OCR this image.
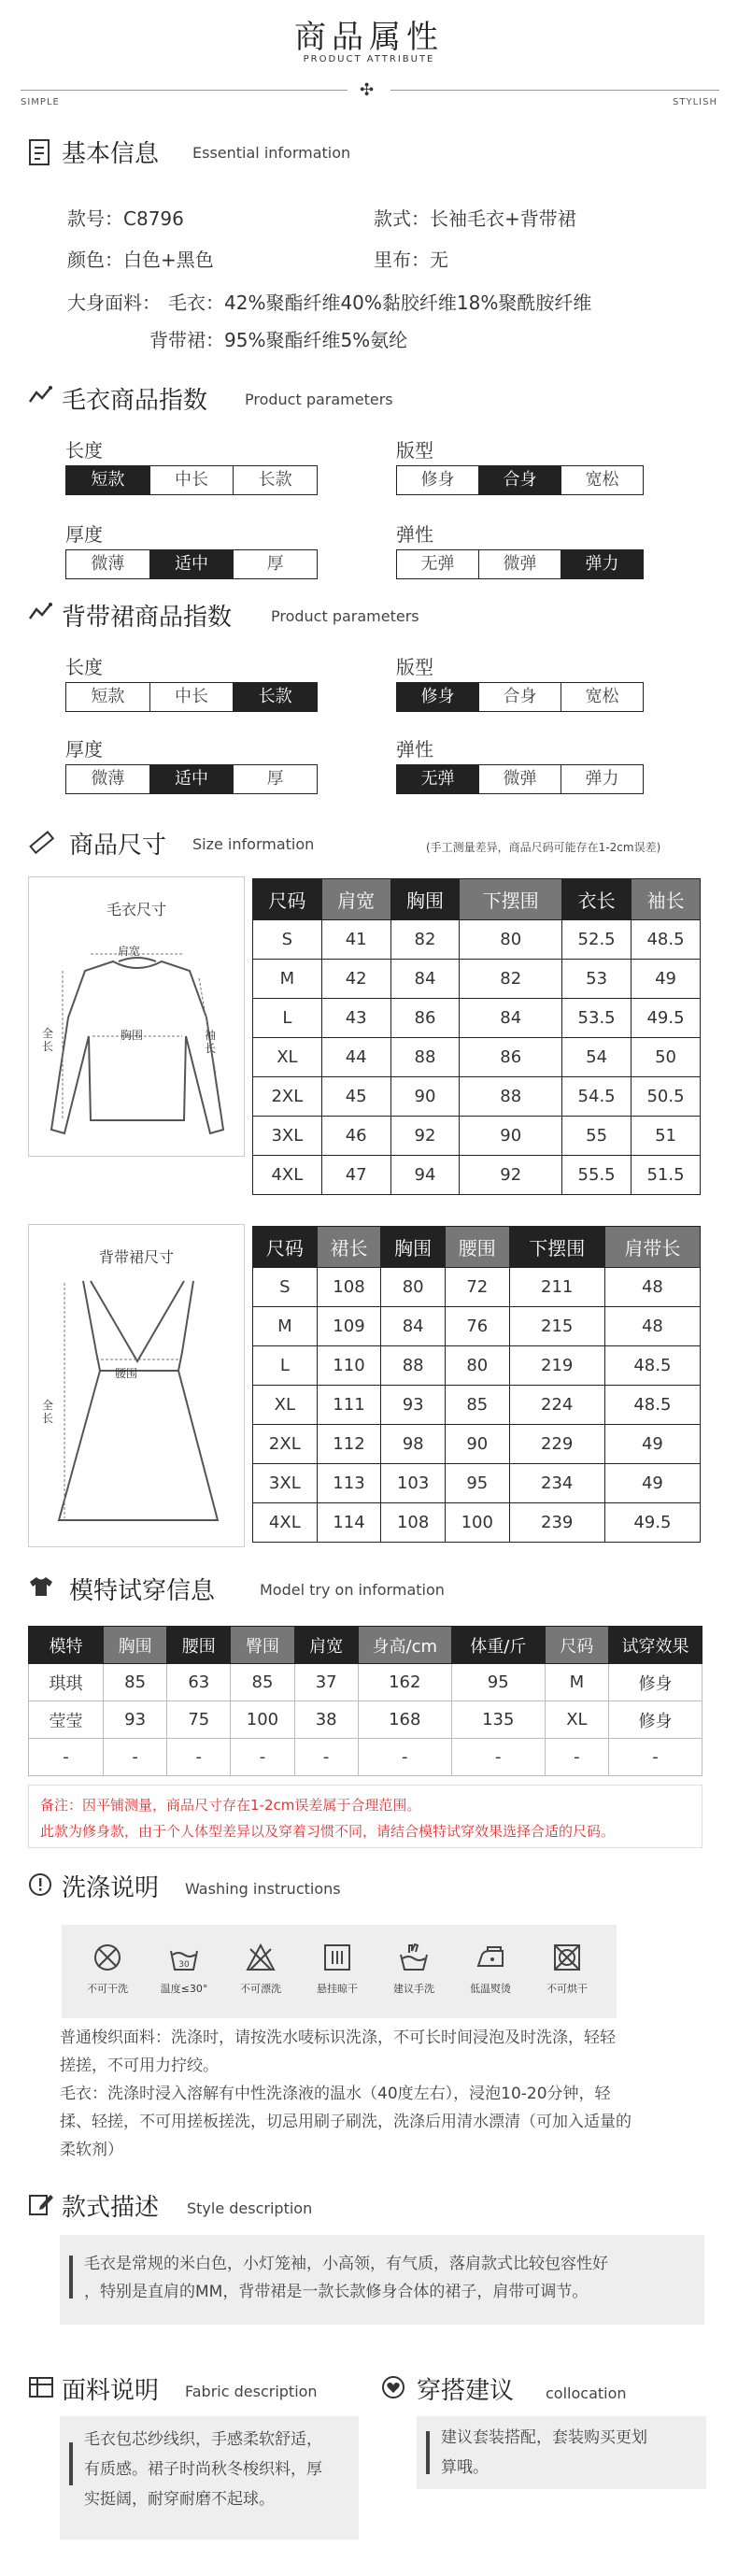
商品属性
PRODUCT ATTRIBUTE
✣
SIMPLE	STYLISH
基本信息 Essential information
款号：C8796	款式：长袖毛衣+背带裙
颜色：白色+黑色	里布：无
大身面料： 毛衣：42%聚酯纤维40%黏胶纤维18%聚酰胺纤维
背带裙：95%聚酯纤维5%氨纶
毛衣商品指数 Product parameters
长度
短款	中长	长款
版型
修身	合身	宽松
厚度
微薄	适中	厚
弹性
无弹	微弹	弹力
背带裙商品指数	Product parameters
长度
短款	中长	长款
版型
修身	合身	宽松
厚度
微薄	适中	厚
弹性
无弹	微弹	弹力
商品尺寸 Size information	(手工测量差异，商品尺码可能存在1-2cm误差)
毛衣尺寸
肩宽
胸围
全长
袖长
尺码	肩宽	胸围	下摆围	衣长	袖长
S	41	82	80	52.5	48.5
M	42	84	82	53	49
L	43	86	84	53.5	49.5
XL	44	88	86	54	50
2XL	45	90	88	54.5	50.5
3XL	46	92	90	55	51
4XL	47	94	92	55.5	51.5
背带裙尺寸
腰围
全长
尺码	裙长	胸围	腰围	下摆围	肩带长
S	108	80	72	211	48
M	109	84	76	215	48
L	110	88	80	219	48.5
XL	111	93	85	224	48.5
2XL	112	98	90	229	49
3XL	113	103	95	234	49
4XL	114	108	100	239	49.5
模特试穿信息	Model try on information
模特	胸围	腰围	臀围	肩宽	身高/cm	体重/斤	尺码	试穿效果
琪琪	85	63	85	37	162	95	M	修身
莹莹	93	75	100	38	168	135	XL	修身
-	-	-	-	-	-	-	-	-
备注：因平铺测量，商品尺寸存在1-2cm误差属于合理范围。
此款为修身款，由于个人体型差异以及穿着习惯不同，请结合模特试穿效果选择合适的尺码。
洗涤说明 Washing instructions
不可干洗
30
温度≤30°	不可漂洗	悬挂晾干	建议手洗	低温熨烫	不可烘干
普通梭织面料：洗涤时，请按洗水唛标识洗涤，不可长时间浸泡及时洗涤，轻轻
搓搓，不可用力拧绞。
毛衣：洗涤时浸入溶解有中性洗涤液的温水（40度左右），浸泡10-20分钟，轻
揉、轻搓，不可用搓板搓洗，切忌用刷子刷洗，洗涤后用清水漂清（可加入适量的
柔软剂）
款式描述 Style description
毛衣是常规的米白色，小灯笼袖，小高领，有气质，落肩款式比较包容性好
，特别是直肩的MM，背带裙是一款长款修身合体的裙子，肩带可调节。
面料说明 Fabric description
毛衣包芯纱线织，手感柔软舒适，
有质感。裙子时尚秋冬梭织料，厚
实挺阔，耐穿耐磨不起球。
穿搭建议 collocation
建议套装搭配，套装购买更划
算哦。
